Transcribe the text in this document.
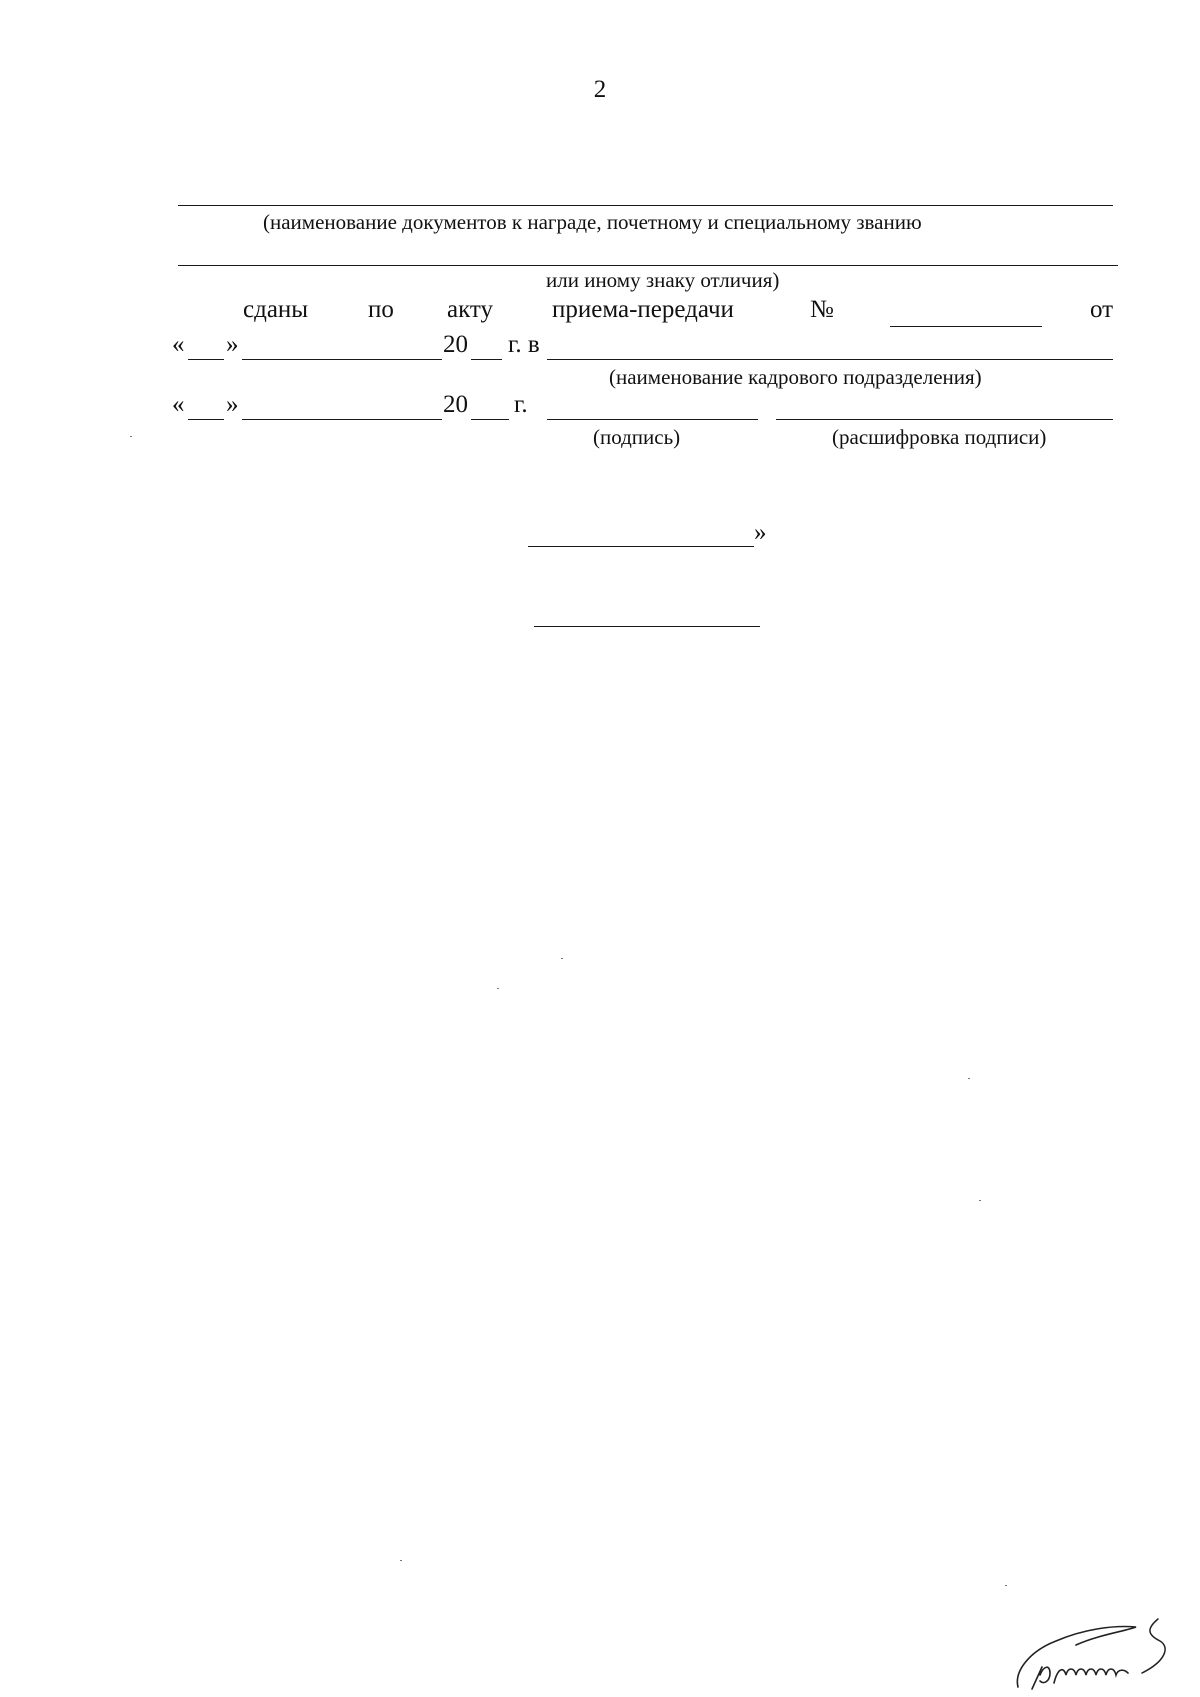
2
(наименование документов к награде, почетному и специальному званию
или иному знаку отличия)
сданы по акту приема-передачи	№	от
« »	20 г. в
(наименование кадрового подразделения)
« »	20 г.
(подпись)	(расшифровка подписи)
»
